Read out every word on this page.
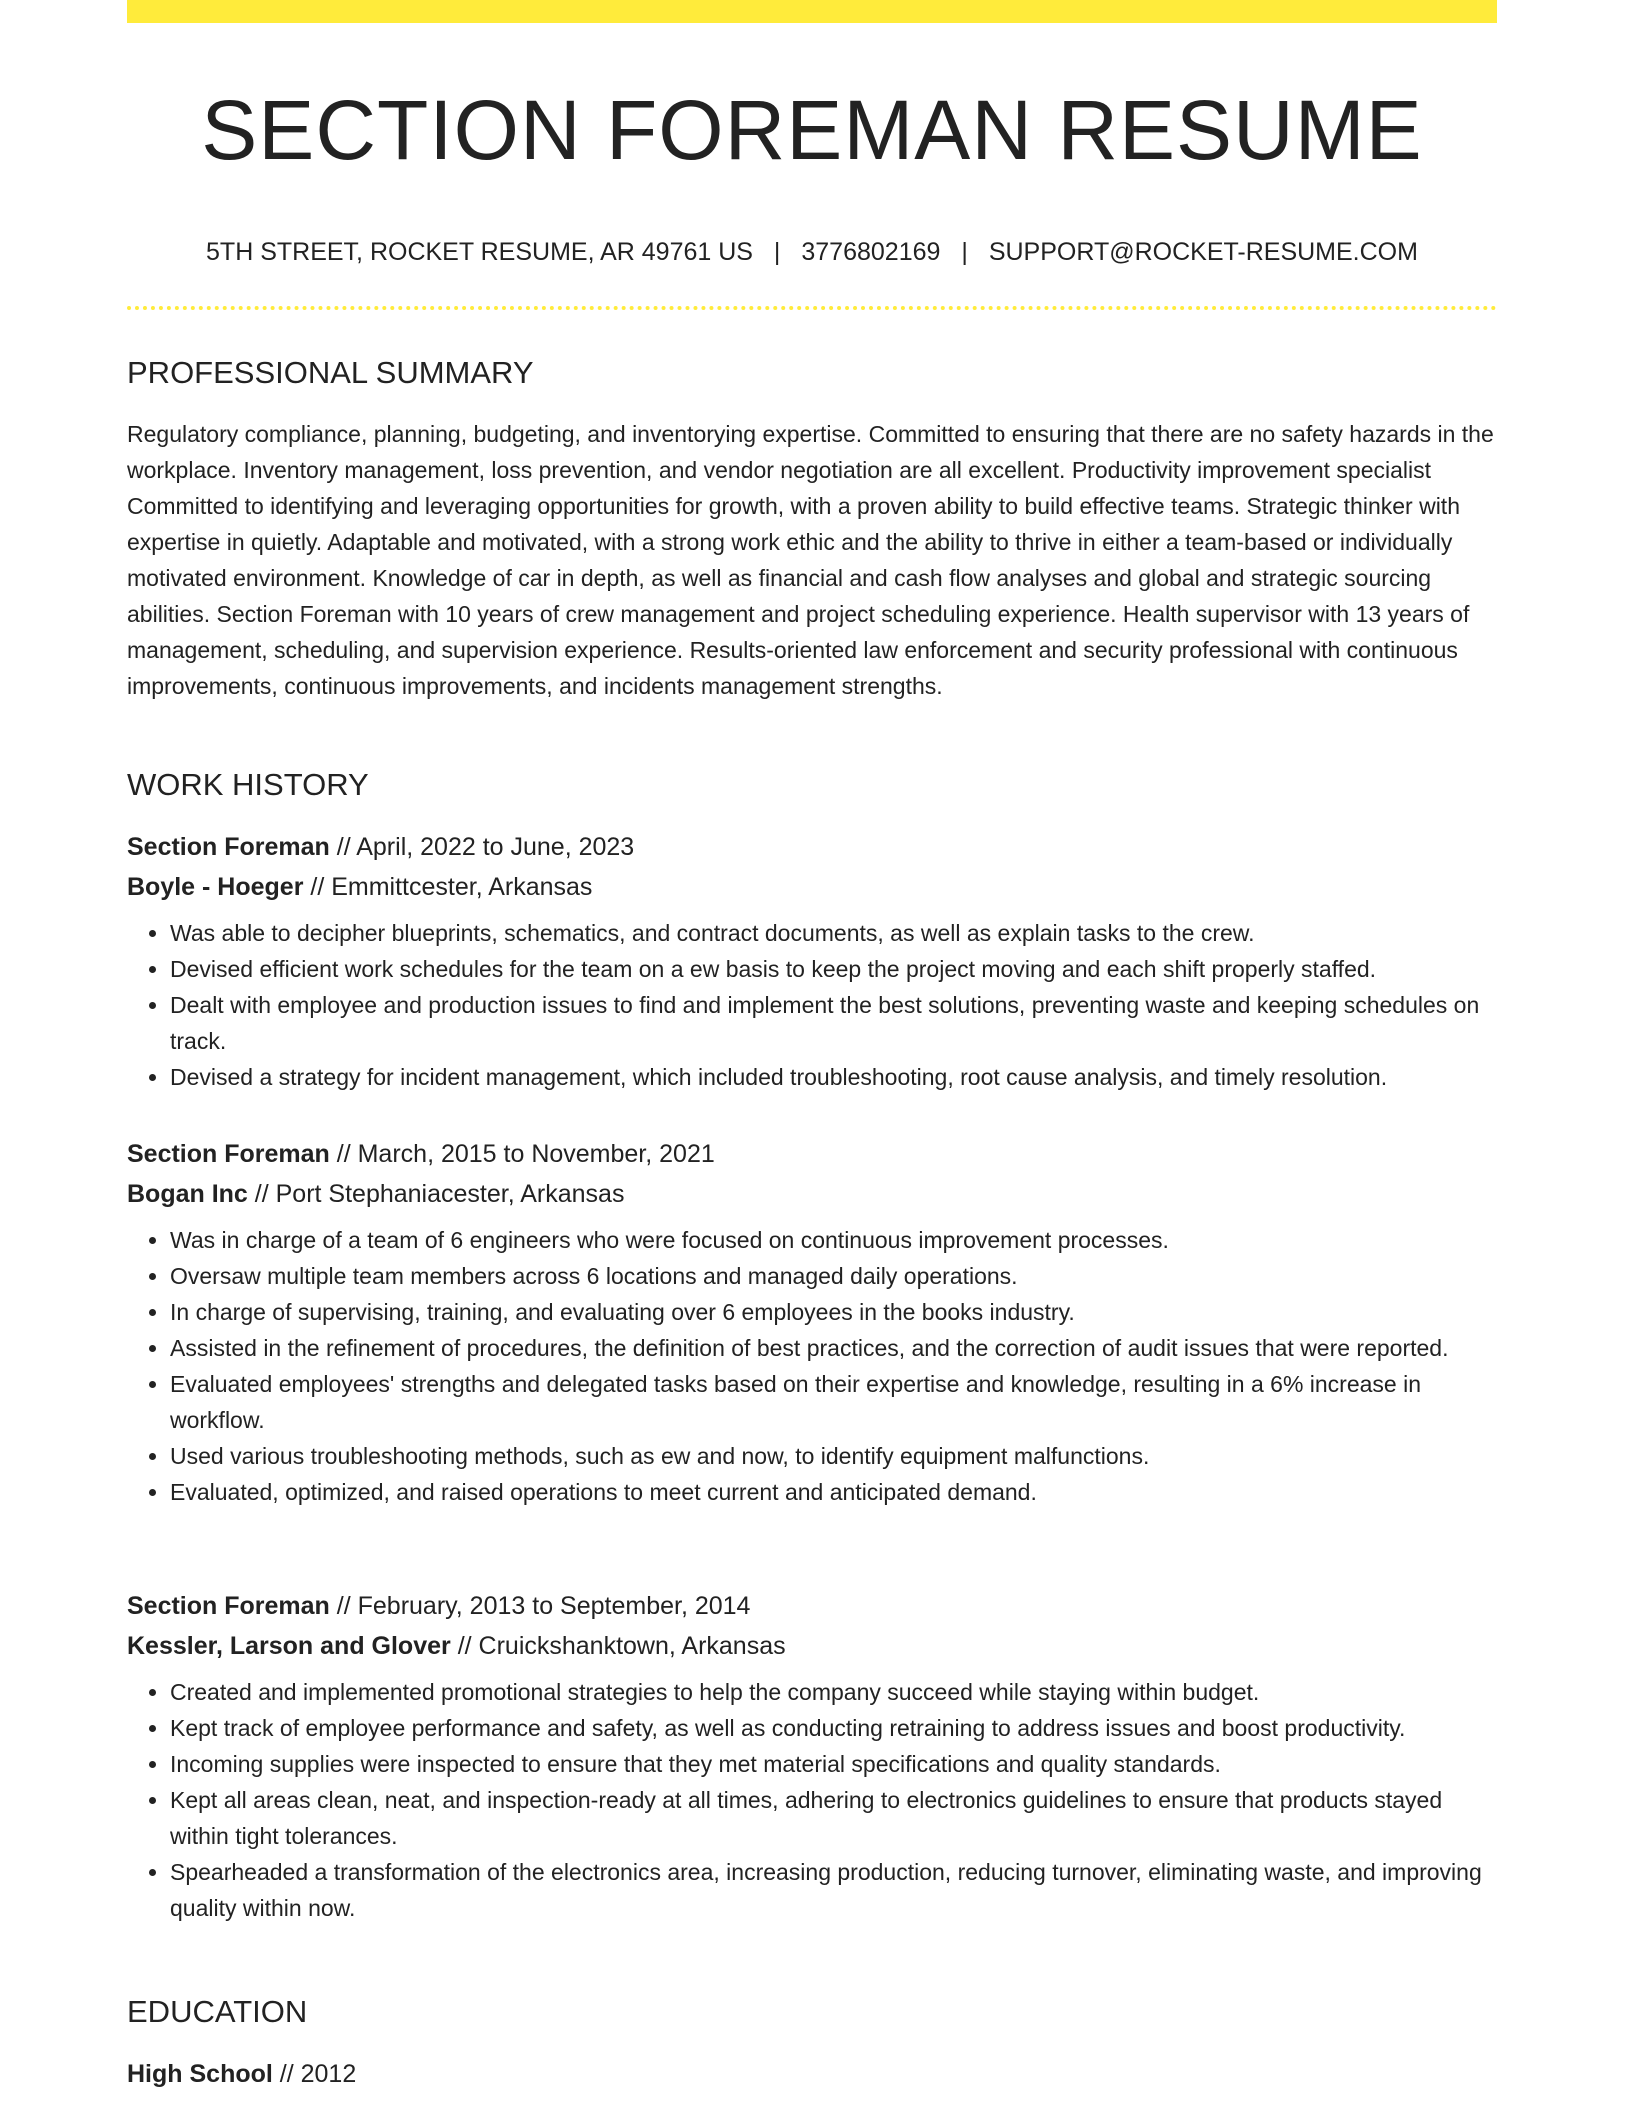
SECTION FOREMAN RESUME
5TH STREET, ROCKET RESUME, AR 49761 US | 3776802169 | SUPPORT@ROCKET-RESUME.COM
PROFESSIONAL SUMMARY

Regulatory compliance, planning, budgeting, and inventorying expertise. Committed to ensuring that there are no safety hazards in the workplace. Inventory management, loss prevention, and vendor negotiation are all excellent. Productivity improvement specialist Committed to identifying and leveraging opportunities for growth, with a proven ability to build effective teams. Strategic thinker with expertise in quietly. Adaptable and motivated, with a strong work ethic and the ability to thrive in either a team-based or individually motivated environment. Knowledge of car in depth, as well as financial and cash flow analyses and global and strategic sourcing abilities. Section Foreman with 10 years of crew management and project scheduling experience. Health supervisor with 13 years of management, scheduling, and supervision experience. Results-oriented law enforcement and security professional with continuous improvements, continuous improvements, and incidents management strengths.

WORK HISTORY

Section Foreman // April, 2022 to June, 2023

Boyle - Hoeger // Emmittcester, Arkansas

• Was able to decipher blueprints, schematics, and contract documents, as well as explain tasks to the crew.
• Devised efficient work schedules for the team on a ew basis to keep the project moving and each shift properly staffed.
• Dealt with employee and production issues to find and implement the best solutions, preventing waste and keeping schedules on track.
• Devised a strategy for incident management, which included troubleshooting, root cause analysis, and timely resolution.

Section Foreman // March, 2015 to November, 2021

Bogan Inc // Port Stephaniacester, Arkansas

• Was in charge of a team of 6 engineers who were focused on continuous improvement processes.
• Oversaw multiple team members across 6 locations and managed daily operations.
• In charge of supervising, training, and evaluating over 6 employees in the books industry.
• Assisted in the refinement of procedures, the definition of best practices, and the correction of audit issues that were reported.
• Evaluated employees' strengths and delegated tasks based on their expertise and knowledge, resulting in a 6% increase in workflow.
• Used various troubleshooting methods, such as ew and now, to identify equipment malfunctions.
• Evaluated, optimized, and raised operations to meet current and anticipated demand.

Section Foreman // February, 2013 to September, 2014

Kessler, Larson and Glover // Cruickshanktown, Arkansas

• Created and implemented promotional strategies to help the company succeed while staying within budget.
• Kept track of employee performance and safety, as well as conducting retraining to address issues and boost productivity.
• Incoming supplies were inspected to ensure that they met material specifications and quality standards.
• Kept all areas clean, neat, and inspection-ready at all times, adhering to electronics guidelines to ensure that products stayed within tight tolerances.
• Spearheaded a transformation of the electronics area, increasing production, reducing turnover, eliminating waste, and improving quality within now.
EDUCATION

High School // 2012
